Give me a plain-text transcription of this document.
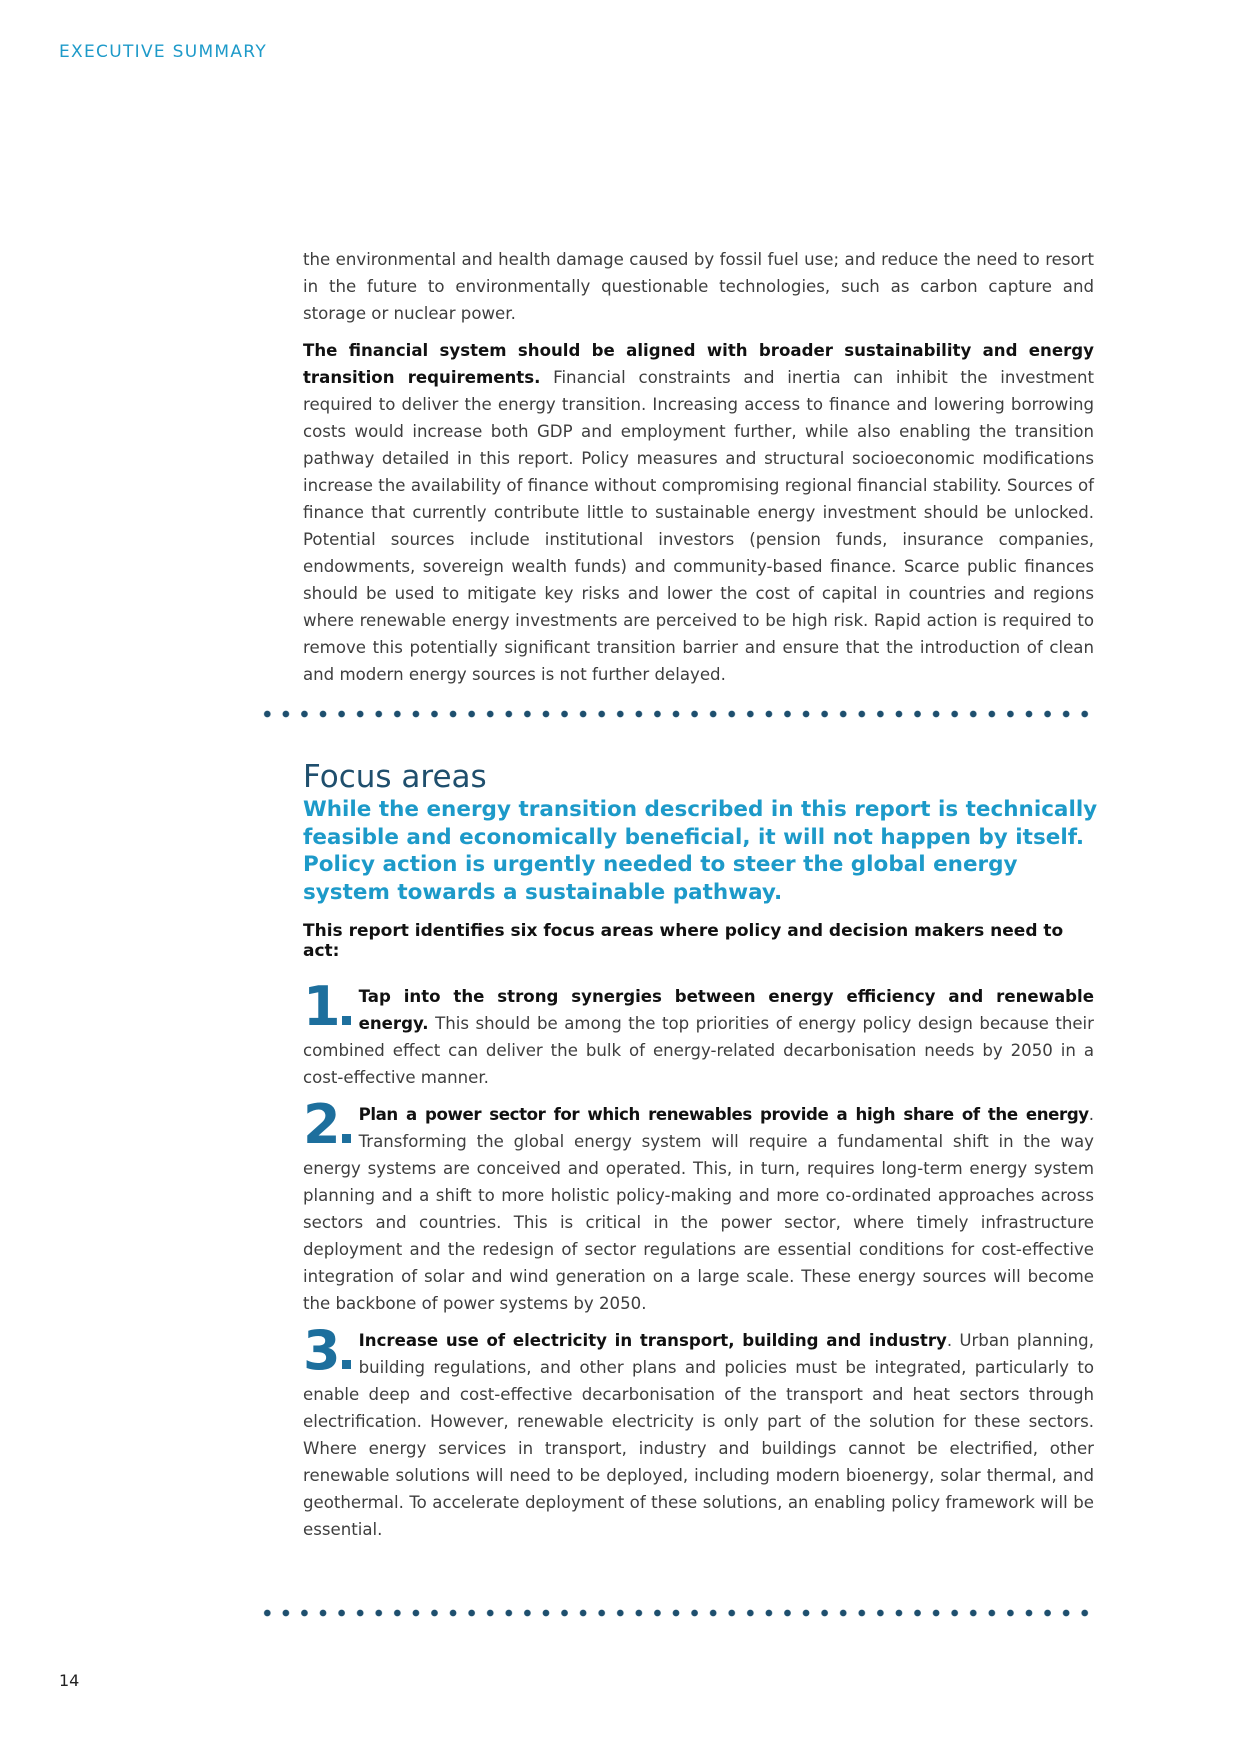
EXECUTIVE SUMMARY

the environmental and health damage caused by fossil fuel use; and reduce the need to resort in the future to environmentally questionable technologies, such as carbon capture and storage or nuclear power.

The financial system should be aligned with broader sustainability and energy transition requirements. Financial constraints and inertia can inhibit the investment required to deliver the energy transition. Increasing access to finance and lowering borrowing costs would increase both GDP and employment further, while also enabling the transition pathway detailed in this report. Policy measures and structural socioeconomic modifications increase the availability of finance without compromising regional financial stability. Sources of finance that currently contribute little to sustainable energy investment should be unlocked. Potential sources include institutional investors (pension funds, insurance companies, endowments, sovereign wealth funds) and community-based finance. Scarce public finances should be used to mitigate key risks and lower the cost of capital in countries and regions where renewable energy investments are perceived to be high risk. Rapid action is required to remove this potentially significant transition barrier and ensure that the introduction of clean and modern energy sources is not further delayed.

Focus areas

While the energy transition described in this report is technically feasible and economically beneficial, it will not happen by itself. Policy action is urgently needed to steer the global energy system towards a sustainable pathway.

This report identifies six focus areas where policy and decision makers need to act:

1	Tap into the strong synergies between energy efficiency and renewable energy. This should be among the top priorities of energy policy design because their combined effect can deliver the bulk of energy-related decarbonisation needs by 2050 in a cost-effective manner.

2	Plan a power sector for which renewables provide a high share of the energy. Transforming the global energy system will require a fundamental shift in the way energy systems are conceived and operated. This, in turn, requires long-term energy system planning and a shift to more holistic policy-making and more co-ordinated approaches across sectors and countries. This is critical in the power sector, where timely infrastructure deployment and the redesign of sector regulations are essential conditions for cost-effective integration of solar and wind generation on a large scale. These energy sources will become the backbone of power systems by 2050.

3	Increase use of electricity in transport, building and industry. Urban planning, building regulations, and other plans and policies must be integrated, particularly to enable deep and cost-effective decarbonisation of the transport and heat sectors through electrification. However, renewable electricity is only part of the solution for these sectors. Where energy services in transport, industry and buildings cannot be electrified, other renewable solutions will need to be deployed, including modern bioenergy, solar thermal, and geothermal. To accelerate deployment of these solutions, an enabling policy framework will be essential.

14
